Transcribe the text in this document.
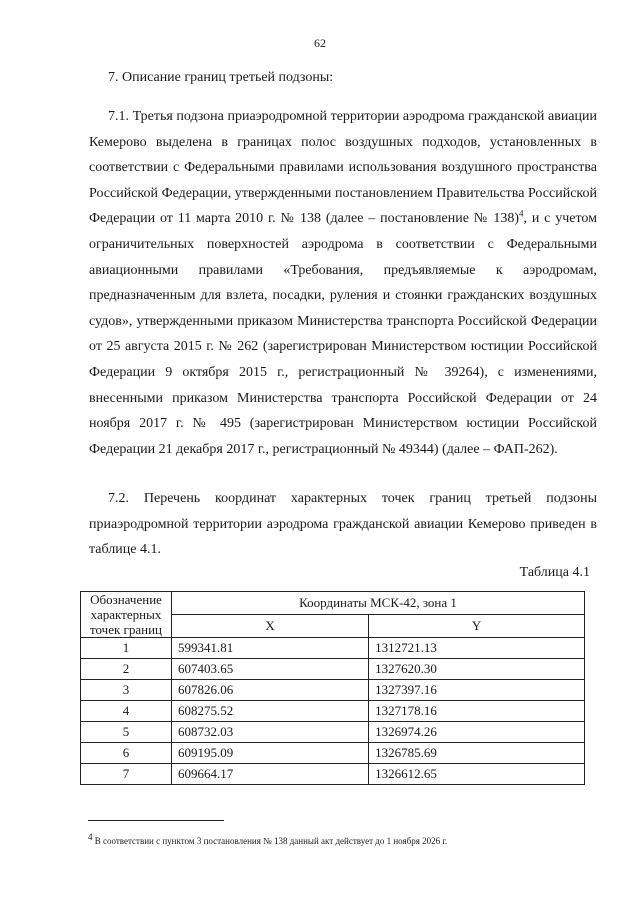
62
7. Описание границ третьей подзоны:
7.1. Третья подзона приаэродромной территории аэродрома гражданской авиации Кемерово выделена в границах полос воздушных подходов, установленных в соответствии с Федеральными правилами использования воздушного пространства Российской Федерации, утвержденными постановлением Правительства Российской Федерации от 11 марта 2010 г. № 138 (далее – постановление № 138)$^4$, и с учетом ограничительных поверхностей аэродрома в соответствии с Федеральными авиационными правилами «Требования, предъявляемые к аэродромам, предназначенным для взлета, посадки, руления и стоянки гражданских воздушных судов», утвержденными приказом Министерства транспорта Российской Федерации от 25 августа 2015 г. № 262 (зарегистрирован Министерством юстиции Российской Федерации 9 октября 2015 г., регистрационный № 39264), с изменениями, внесенными приказом Министерства транспорта Российской Федерации от 24 ноября 2017 г. № 495 (зарегистрирован Министерством юстиции Российской Федерации 21 декабря 2017 г., регистрационный № 49344) (далее – ФАП-262).
7.2. Перечень координат характерных точек границ третьей подзоны приаэродромной территории аэродрома гражданской авиации Кемерово приведен в таблице 4.1.
Таблица 4.1
Обозначение характерных точек границ	Координаты МСК-42, зона 1	
	X	Y
1	599341.81	1312721.13
2	607403.65	1327620.30
3	607826.06	1327397.16
4	608275.52	1327178.16
5	608732.03	1326974.26
6	609195.09	1326785.69
7	609664.17	1326612.65
$^4$ В соответствии с пунктом 3 постановления № 138 данный акт действует до 1 ноября 2026 г.
